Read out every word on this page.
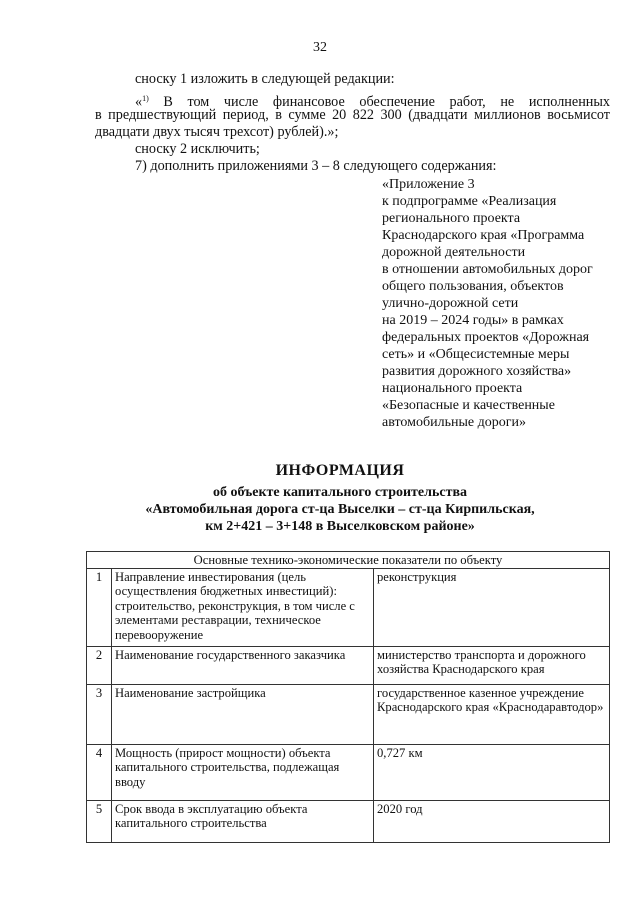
32
сноску 1 изложить в следующей редакции:
«$^{1)}$ В том числе финансовое обеспечение работ, не исполненных
в предшествующий период, в сумме 20 822 300 (двадцати миллионов восьмисот
двадцати двух тысяч трехсот) рублей).»;
сноску 2 исключить;
7) дополнить приложениями 3 – 8 следующего содержания:
«Приложение 3
к подпрограмме «Реализация
регионального проекта
Краснодарского края «Программа
дорожной деятельности
в отношении автомобильных дорог
общего пользования, объектов
улично-дорожной сети
на 2019 – 2024 годы» в рамках
федеральных проектов «Дорожная
сеть» и «Общесистемные меры
развития дорожного хозяйства»
национального проекта
«Безопасные и качественные
автомобильные дороги»
ИНФОРМАЦИЯ
об объекте капитального строительства
«Автомобильная дорога ст-ца Выселки – ст-ца Кирпильская,
км 2+421 – 3+148 в Выселковском районе»
Основные технико-экономические показатели по объекту		
1	Направление инвестирования (цель осуществления бюджетных инвестиций): строительство, реконструкция, в том числе с элементами реставрации, техническое перевооружение	реконструкция
2	Наименование государственного заказчика	министерство транспорта и дорожного хозяйства Краснодарского края
3	Наименование застройщика	государственное казенное учреждение Краснодарского края «Краснодаравтодор»
4	Мощность (прирост мощности) объекта капитального строительства, подлежащая вводу	0,727 км
5	Срок ввода в эксплуатацию объекта капитального строительства	2020 год
